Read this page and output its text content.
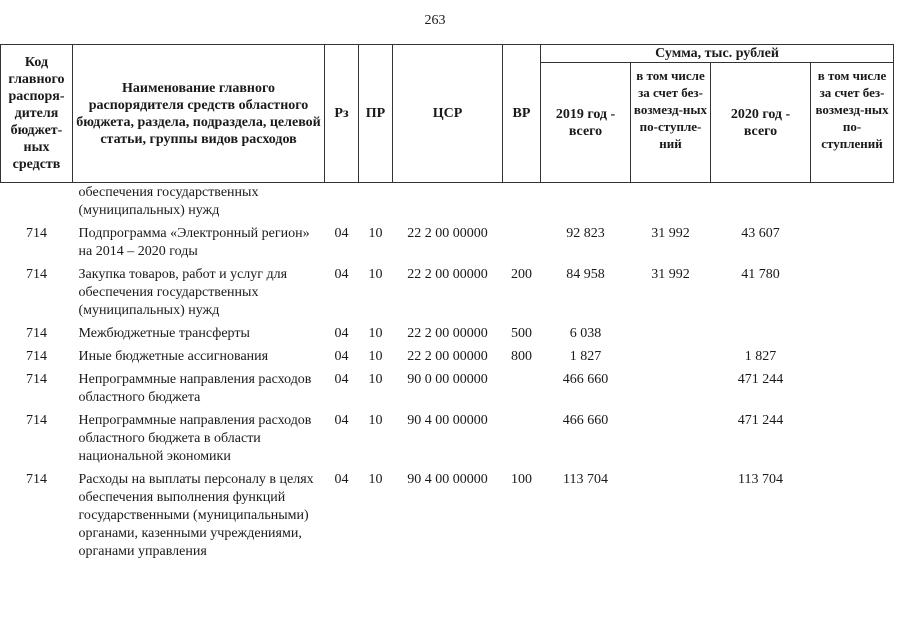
263
Код главного распоря-дителя бюджет-ных средств	Наименование главного распорядителя средств областного бюджета, раздела, подраздела, целевой статьи, группы видов расходов	Рз	ПР	ЦСР	ВР	Сумма, тыс. рублей			
						2019 год - всего	в том числе за счет без-возмезд-ных по-ступле-ний	2020 год - всего	в том числе за счет без-возмезд-ных по-ступлений
	обеспечения государственных (муниципальных) нужд								
714	Подпрограмма «Электронный регион» на 2014 – 2020 годы	04	10	22 2 00 00000		92 823	31 992	43 607	
714	Закупка товаров, работ и услуг для обеспечения государственных (муниципальных) нужд	04	10	22 2 00 00000	200	84 958	31 992	41 780	
714	Межбюджетные трансферты	04	10	22 2 00 00000	500	6 038			
714	Иные бюджетные ассигнования	04	10	22 2 00 00000	800	1 827		1 827	
714	Непрограммные направления расходов областного бюджета	04	10	90 0 00 00000		466 660		471 244	
714	Непрограммные направления расходов областного бюджета в области национальной экономики	04	10	90 4 00 00000		466 660		471 244	
714	Расходы на выплаты персоналу в целях обеспечения выполнения функций государственными (муниципальными) органами, казенными учреждениями, органами управления	04	10	90 4 00 00000	100	113 704		113 704	
